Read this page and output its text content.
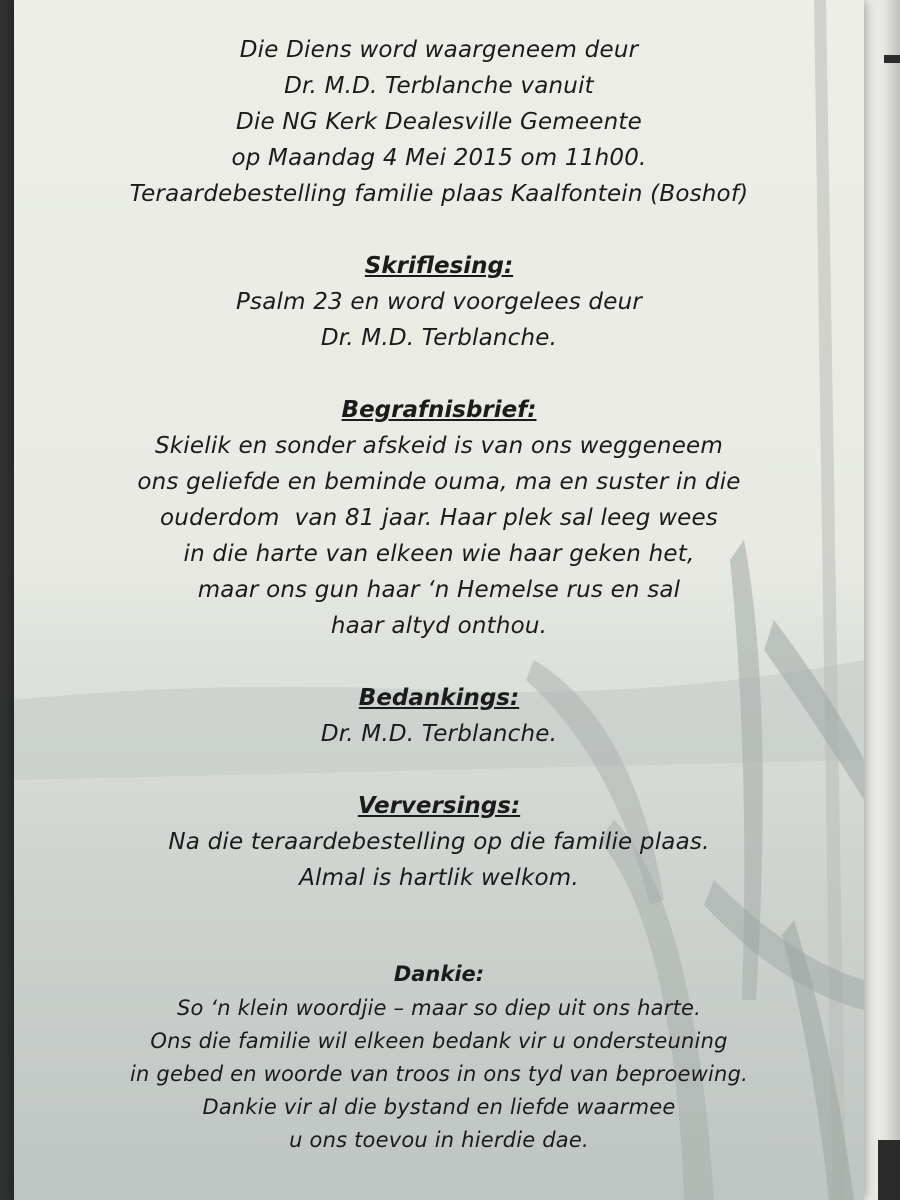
Die Diens word waargeneem deur
Dr. M.D. Terblanche vanuit
Die NG Kerk Dealesville Gemeente
op Maandag 4 Mei 2015 om 11h00.
Teraardebestelling familie plaas Kaalfontein (Boshof)
Skriflesing:
Psalm 23 en word voorgelees deur
Dr. M.D. Terblanche.
Begrafnisbrief:
Skielik en sonder afskeid is van ons weggeneem
ons geliefde en beminde ouma, ma en suster in die
ouderdom  van 81 jaar. Haar plek sal leeg wees
in die harte van elkeen wie haar geken het,
maar ons gun haar ‘n Hemelse rus en sal
haar altyd onthou.
Bedankings:
Dr. M.D. Terblanche.
Verversings:
Na die teraardebestelling op die familie plaas.
Almal is hartlik welkom.
Dankie:
So ‘n klein woordjie – maar so diep uit ons harte.
Ons die familie wil elkeen bedank vir u ondersteuning
in gebed en woorde van troos in ons tyd van beproewing.
Dankie vir al die bystand en liefde waarmee
u ons toevou in hierdie dae.
